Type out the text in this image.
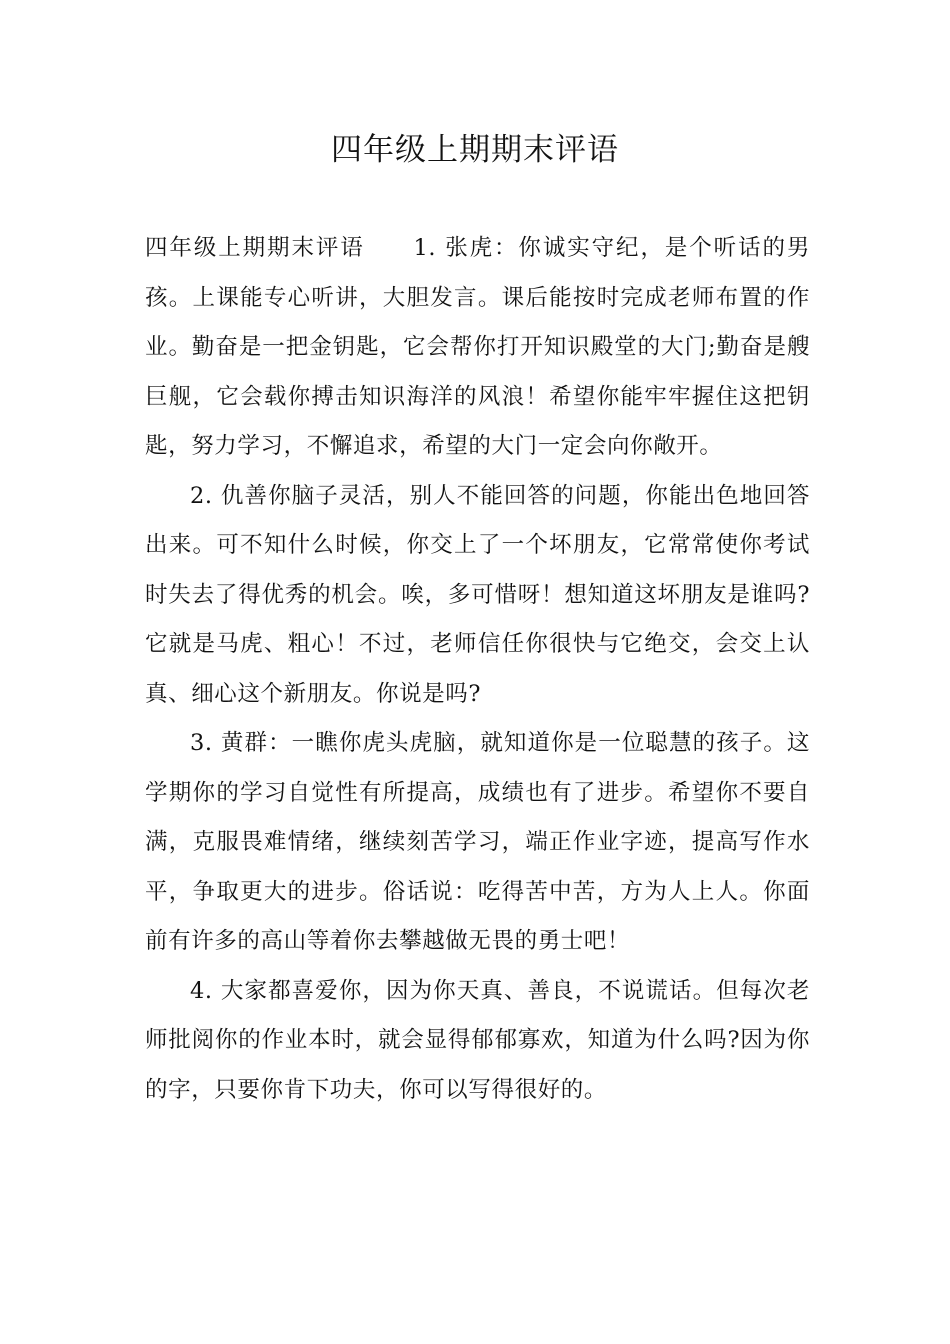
四年级上期期末评语

四年级上期期末评语　　1. 张虎：你诚实守纪，是个听话的男孩。上课能专心听讲，大胆发言。课后能按时完成老师布置的作业。勤奋是一把金钥匙，它会帮你打开知识殿堂的大门;勤奋是艘巨舰，它会载你搏击知识海洋的风浪！希望你能牢牢握住这把钥匙，努力学习，不懈追求，希望的大门一定会向你敞开。

2. 仇善你脑子灵活，别人不能回答的问题，你能出色地回答出来。可不知什么时候，你交上了一个坏朋友，它常常使你考试时失去了得优秀的机会。唉，多可惜呀！想知道这坏朋友是谁吗?它就是马虎、粗心！不过，老师信任你很快与它绝交，会交上认真、细心这个新朋友。你说是吗?

3. 黄群：一瞧你虎头虎脑，就知道你是一位聪慧的孩子。这学期你的学习自觉性有所提高，成绩也有了进步。希望你不要自满，克服畏难情绪，继续刻苦学习，端正作业字迹，提高写作水平，争取更大的进步。俗话说：吃得苦中苦，方为人上人。你面前有许多的高山等着你去攀越做无畏的勇士吧！

4. 大家都喜爱你，因为你天真、善良，不说谎话。但每次老师批阅你的作业本时，就会显得郁郁寡欢，知道为什么吗?因为你的字，只要你肯下功夫，你可以写得很好的。
